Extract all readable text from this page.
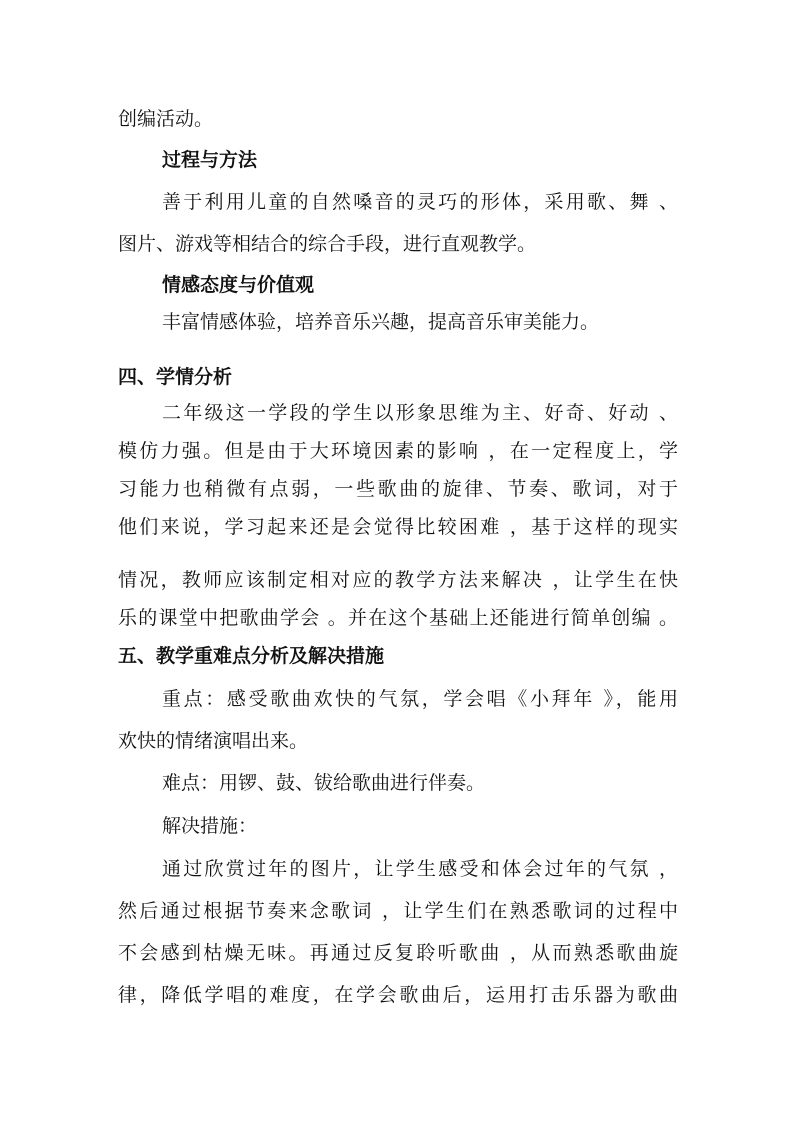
创编活动。

过程与方法

善于利用儿童的自然嗓音的灵巧的形体，采用歌、舞 、

图片、游戏等相结合的综合手段，进行直观教学。

情感态度与价值观

丰富情感体验，培养音乐兴趣，提高音乐审美能力。

四、学情分析

二年级这一学段的学生以形象思维为主、好奇、好动 、

模仿力强。但是由于大环境因素的影响 ，在一定程度上，学

习能力也稍微有点弱，一些歌曲的旋律、节奏、歌词，对于

他们来说，学习起来还是会觉得比较困难 ，基于这样的现实

情况，教师应该制定相对应的教学方法来解决 ，让学生在快

乐的课堂中把歌曲学会 。并在这个基础上还能进行简单创编 。

五、教学重难点分析及解决措施

重点：感受歌曲欢快的气氛，学会唱《小拜年 》，能用

欢快的情绪演唱出来。

难点：用锣、鼓、钹给歌曲进行伴奏。

解决措施：

通过欣赏过年的图片，让学生感受和体会过年的气氛 ，

然后通过根据节奏来念歌词 ，让学生们在熟悉歌词的过程中

不会感到枯燥无味。再通过反复聆听歌曲 ，从而熟悉歌曲旋

律，降低学唱的难度，在学会歌曲后，运用打击乐器为歌曲
